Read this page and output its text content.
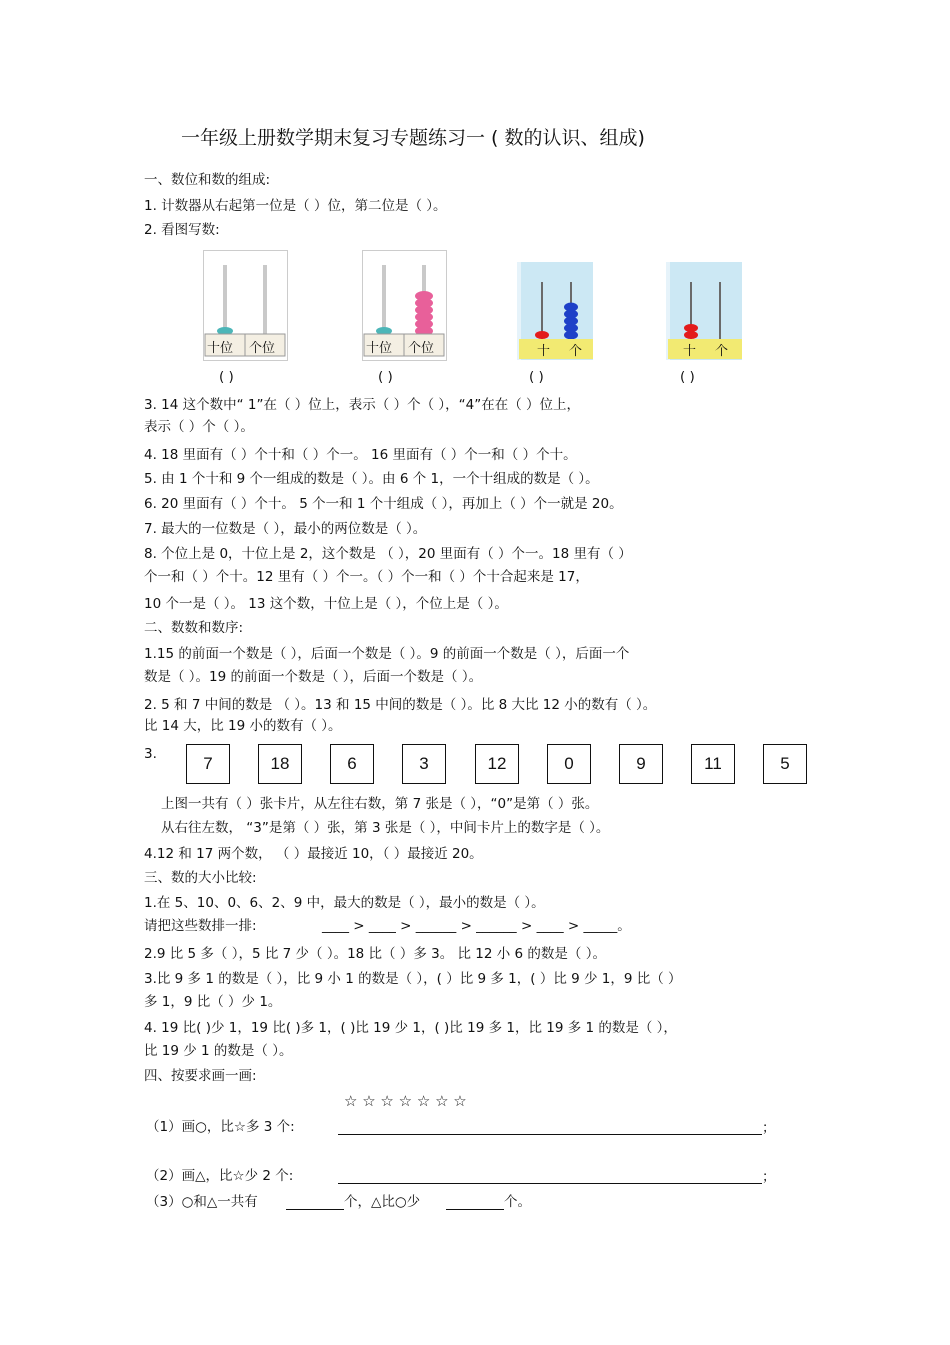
一年级上册数学期末复习专题练习一 ( 数的认识、组成)
一、数位和数的组成:
1. 计数器从右起第一位是（ ）位，第二位是（ ）。
2. 看图写数:
十位 个位	十位 个位	十 个	十 个
( )	( )	( )	( )
3. 14 这个数中“ 1”在（ ）位上，表示（ ）个（ ），“4”在在（ ）位上，
表示（ ）个（ ）。
4. 18 里面有（ ）个十和（ ）个一。 16 里面有（ ）个一和（ ）个十。
5. 由 1 个十和 9 个一组成的数是（ ）。由 6 个 1，一个十组成的数是（ ）。
6. 20 里面有（ ）个十。 5 个一和 1 个十组成（ ），再加上（ ）个一就是 20。
7. 最大的一位数是（ ），最小的两位数是（ ）。
8. 个位上是 0，十位上是 2，这个数是 （ ），20 里面有（ ）个一。18 里有（ ）
个一和（ ）个十。12 里有（ ）个一。（ ）个一和（ ）个十合起来是 17，
10 个一是（ ）。 13 这个数，十位上是（ ），个位上是（ ）。
二、数数和数序:
1.15 的前面一个数是（ ），后面一个数是（ ）。9 的前面一个数是（ ），后面一个
数是（ ）。19 的前面一个数是（ ），后面一个数是（ ）。
2. 5 和 7 中间的数是 （ ）。13 和 15 中间的数是（ ）。比 8 大比 12 小的数有（ ）。
比 14 大，比 19 小的数有（ ）。
3.	7	18	6	3	12	0	9	11	5
上图一共有（ ）张卡片，从左往右数，第 7 张是（ ），“0”是第（ ）张。
从右往左数， “3”是第（ ）张，第 3 张是（ ），中间卡片上的数字是（ ）。
4.12 和 17 两个数， （ ）最接近 10，（ ）最接近 20。
三、数的大小比较:
1.在 5、10、0、6、2、9 中，最大的数是（ ），最小的数是（ ）。
请把这些数排一排:	____ > ____ > ______ > ______ > ____ > _____。
2.9 比 5 多（ ），5 比 7 少（ ）。18 比（ ）多 3。 比 12 小 6 的数是（ ）。
3.比 9 多 1 的数是（ ），比 9 小 1 的数是（ ），( ）比 9 多 1，( ）比 9 少 1，9 比（ ）
多 1，9 比（ ）少 1。
4. 19 比( )少 1，19 比( )多 1，( )比 19 少 1，( )比 19 多 1，比 19 多 1 的数是（ ），
比 19 少 1 的数是（ ）。
四、按要求画一画:
☆ ☆ ☆ ☆ ☆ ☆ ☆
（1）画○，比☆多 3 个:	；
（2）画△，比☆少 2 个:	；
（3）○和△一共有	个，△比○少	个。
